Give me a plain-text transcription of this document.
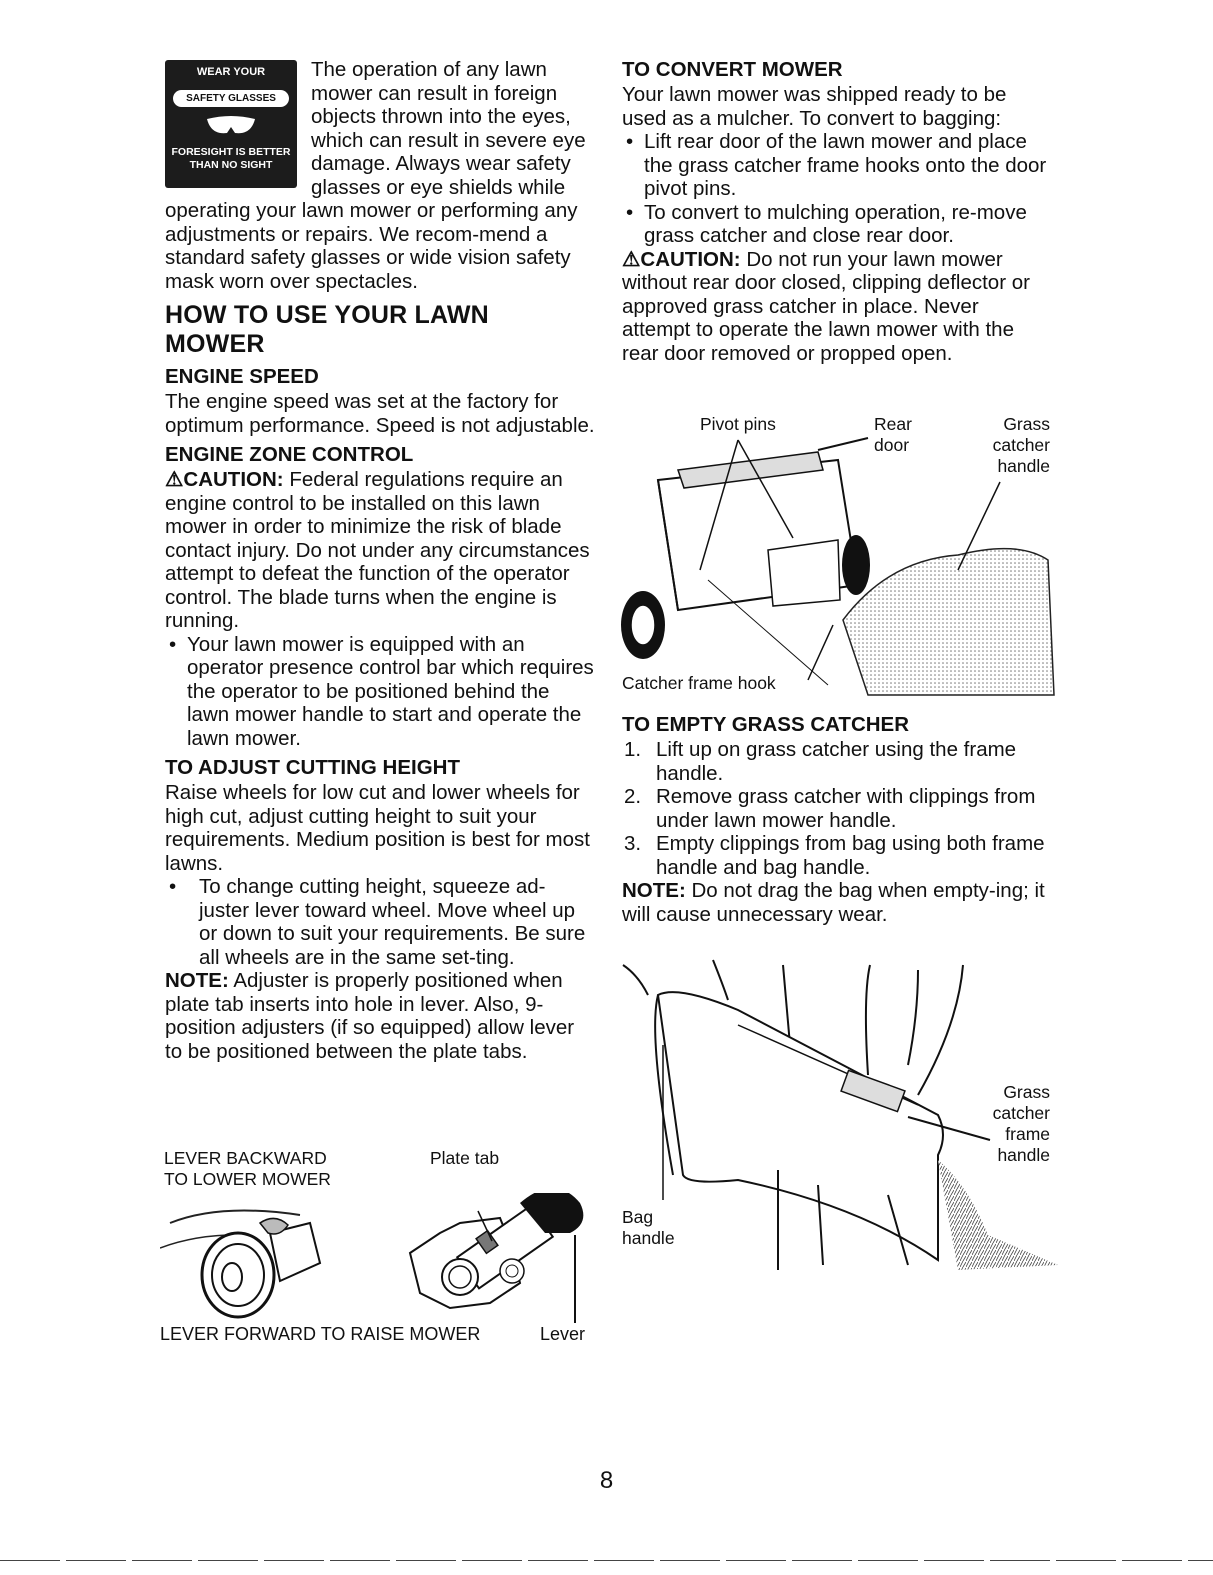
WEAR YOUR
SAFETY GLASSES
FORESIGHT IS BETTER
THAN NO SIGHT

The operation of any lawn mower can result in foreign objects thrown into the eyes, which can result in severe eye damage. Always wear safety glasses or eye shields while operating your lawn mower or performing any adjustments or repairs. We recom-mend a standard safety glasses or wide vision safety mask worn over spectacles.

HOW TO USE YOUR LAWN MOWER
ENGINE SPEED

The engine speed was set at the factory for optimum performance. Speed is not adjustable.

ENGINE ZONE CONTROL

⚠CAUTION: Federal regulations require an engine control to be installed on this lawn mower in order to minimize the risk of blade contact injury. Do not under any circumstances attempt to defeat the function of the operator control. The blade turns when the engine is running.

• Your lawn mower is equipped with an operator presence control bar which requires the operator to be positioned behind the lawn mower handle to start and operate the lawn mower.
TO ADJUST CUTTING HEIGHT

Raise wheels for low cut and lower wheels for high cut, adjust cutting height to suit your requirements. Medium position is best for most lawns.

• To change cutting height, squeeze ad-juster lever toward wheel. Move wheel up or down to suit your requirements. Be sure all wheels are in the same set-ting.

NOTE: Adjuster is properly positioned when plate tab inserts into hole in lever. Also, 9-position adjusters (if so equipped) allow lever to be positioned between the plate tabs.

LEVER BACKWARD
TO LOWER MOWER
Plate tab
LEVER FORWARD TO RAISE MOWER	Lever
TO CONVERT MOWER

Your lawn mower was shipped ready to be used as a mulcher. To convert to bagging:

• Lift rear door of the lawn mower and place the grass catcher frame hooks onto the door pivot pins.
• To convert to mulching operation, re-move grass catcher and close rear door.

⚠CAUTION: Do not run your lawn mower without rear door closed, clipping deflector or approved grass catcher in place. Never attempt to operate the lawn mower with the rear door removed or propped open.

Pivot pins	Rear
door
Grass
catcher
handle
Catcher frame hook
TO EMPTY GRASS CATCHER
1. Lift up on grass catcher using the frame handle.
2. Remove grass catcher with clippings from under lawn mower handle.
3. Empty clippings from bag using both frame handle and bag handle.

NOTE: Do not drag the bag when empty-ing; it will cause unnecessary wear.

Grass
catcher
frame
handle
Bag
handle
8
